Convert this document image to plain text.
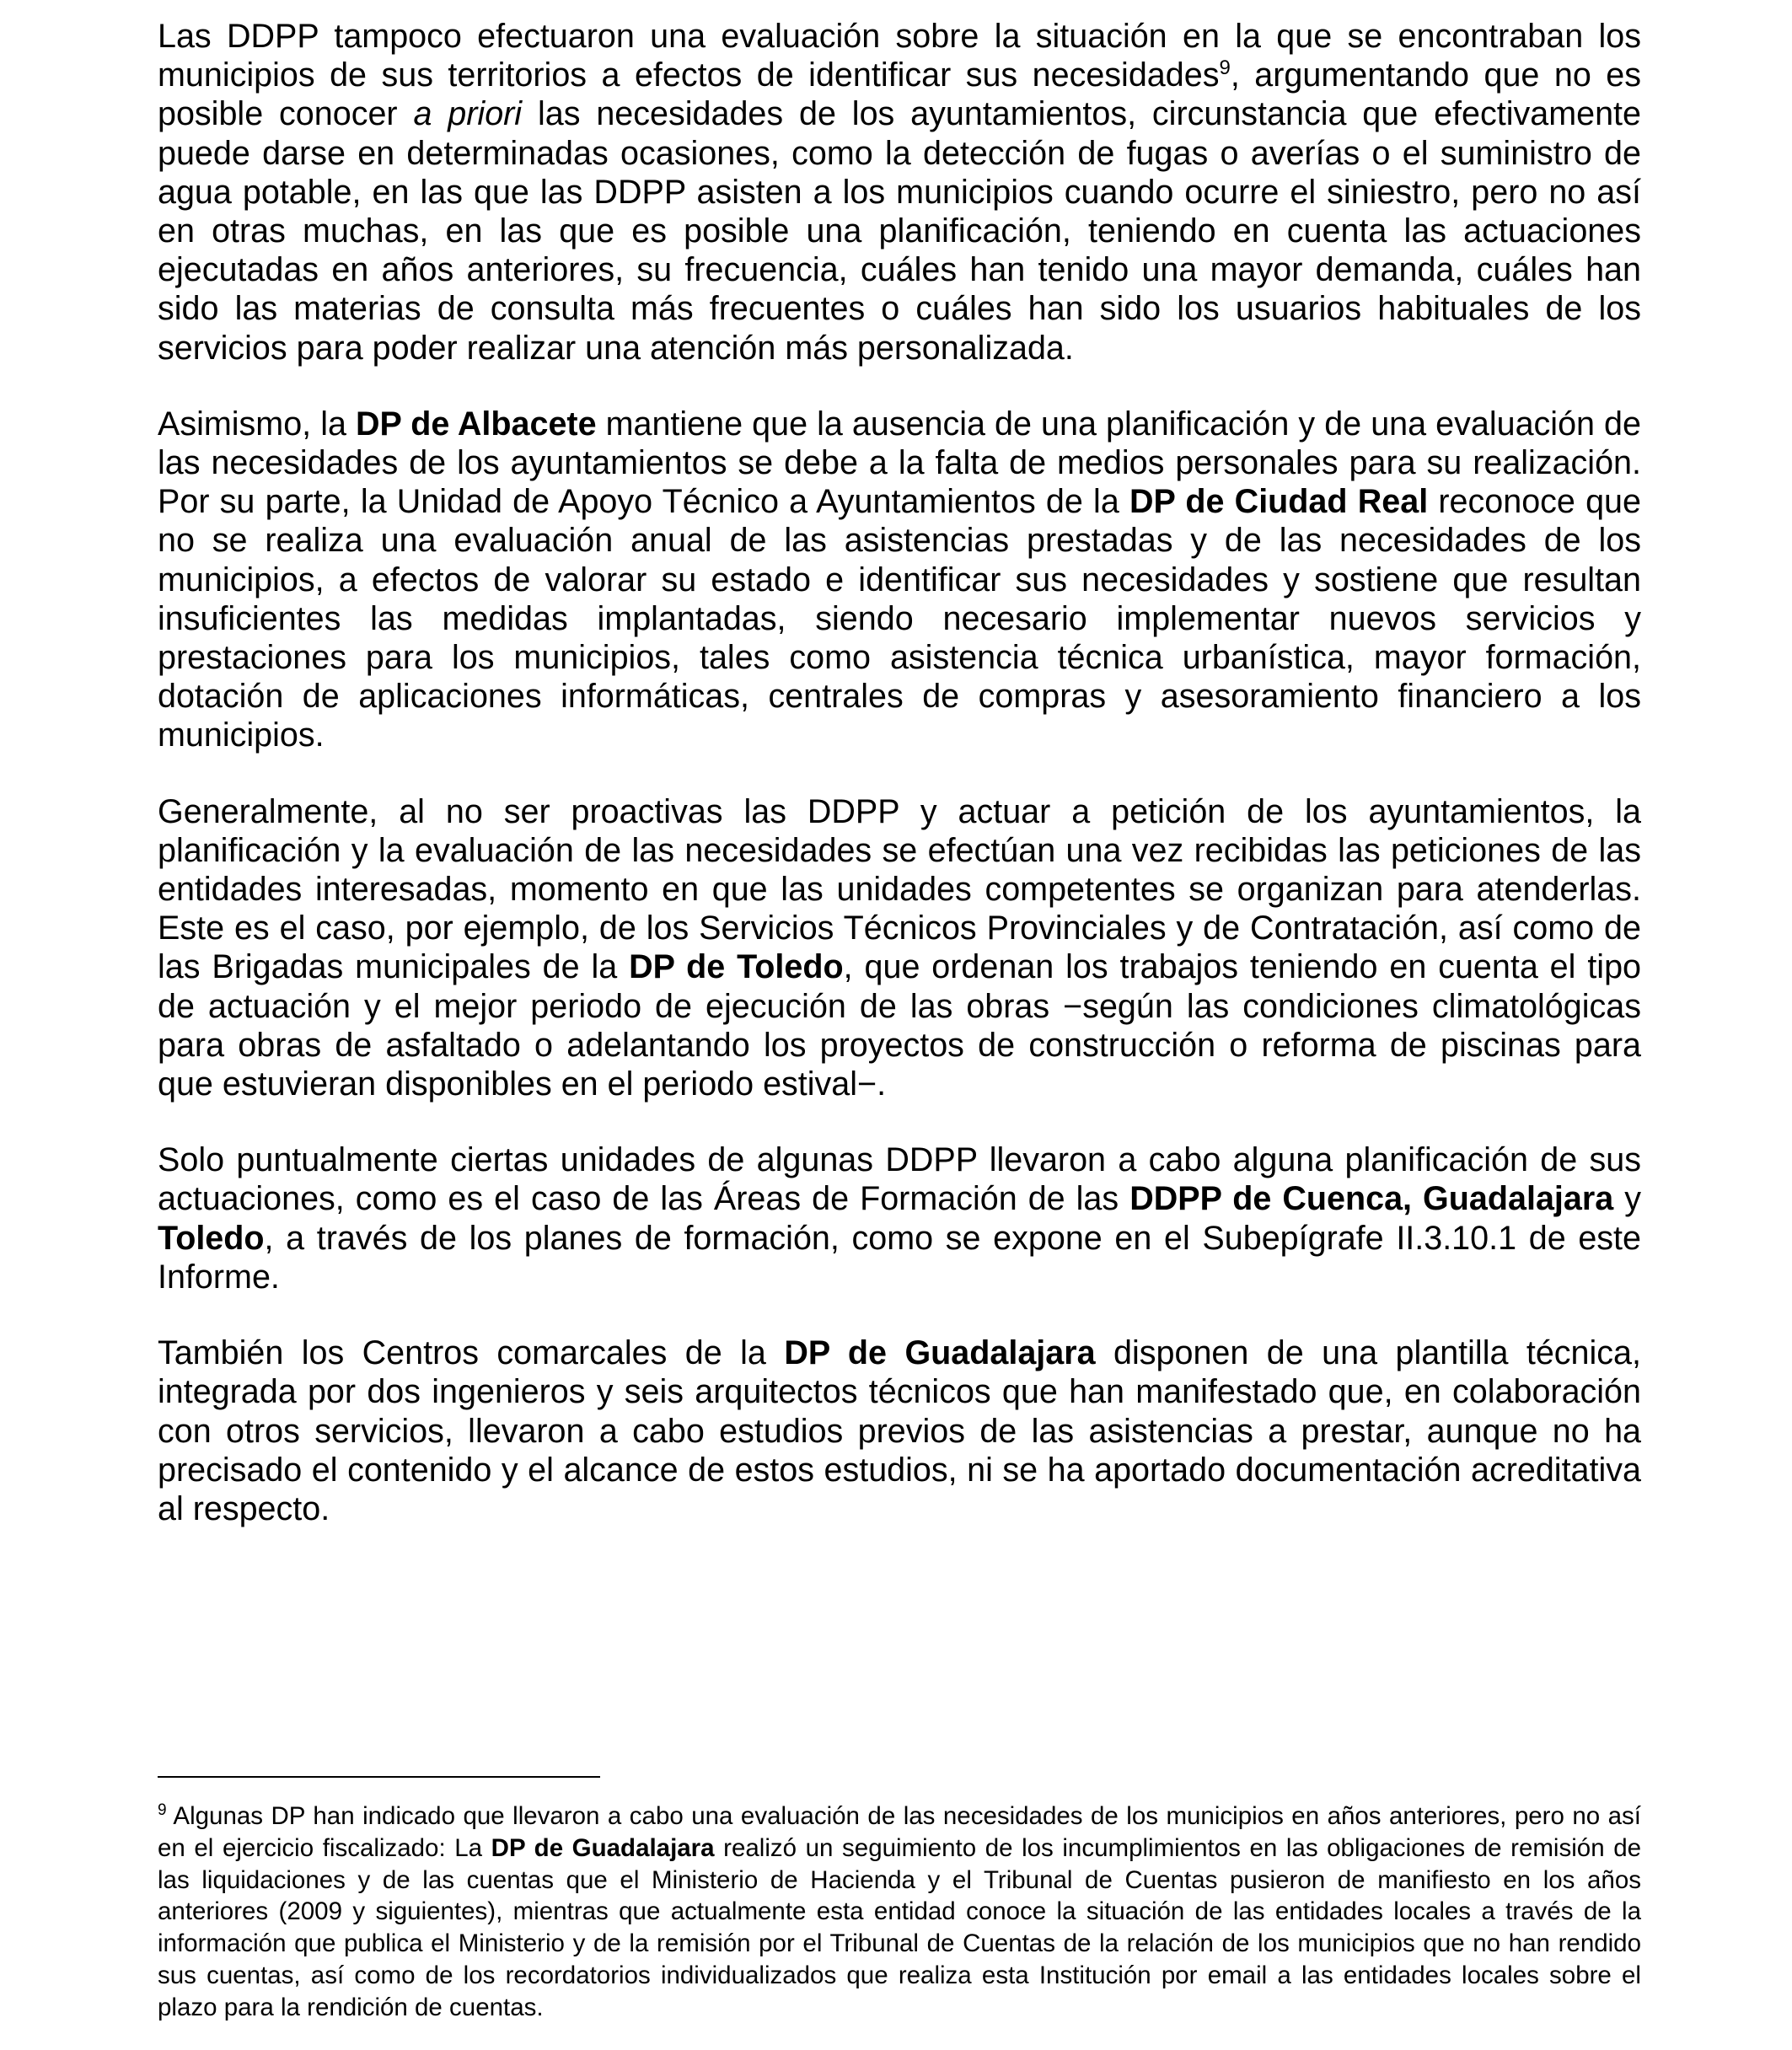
Las DDPP tampoco efectuaron una evaluación sobre la situación en la que se encontraban los municipios de sus territorios a efectos de identificar sus necesidades$^9$, argumentando que no es posible conocer a priori las necesidades de los ayuntamientos, circunstancia que efectivamente puede darse en determinadas ocasiones, como la detección de fugas o averías o el suministro de agua potable, en las que las DDPP asisten a los municipios cuando ocurre el siniestro, pero no así en otras muchas, en las que es posible una planificación, teniendo en cuenta las actuaciones ejecutadas en años anteriores, su frecuencia, cuáles han tenido una mayor demanda, cuáles han sido las materias de consulta más frecuentes o cuáles han sido los usuarios habituales de los servicios para poder realizar una atención más personalizada.

Asimismo, la DP de Albacete mantiene que la ausencia de una planificación y de una evaluación de las necesidades de los ayuntamientos se debe a la falta de medios personales para su realización. Por su parte, la Unidad de Apoyo Técnico a Ayuntamientos de la DP de Ciudad Real reconoce que no se realiza una evaluación anual de las asistencias prestadas y de las necesidades de los municipios, a efectos de valorar su estado e identificar sus necesidades y sostiene que resultan insuficientes las medidas implantadas, siendo necesario implementar nuevos servicios y prestaciones para los municipios, tales como asistencia técnica urbanística, mayor formación, dotación de aplicaciones informáticas, centrales de compras y asesoramiento financiero a los municipios.

Generalmente, al no ser proactivas las DDPP y actuar a petición de los ayuntamientos, la planificación y la evaluación de las necesidades se efectúan una vez recibidas las peticiones de las entidades interesadas, momento en que las unidades competentes se organizan para atenderlas. Este es el caso, por ejemplo, de los Servicios Técnicos Provinciales y de Contratación, así como de las Brigadas municipales de la DP de Toledo, que ordenan los trabajos teniendo en cuenta el tipo de actuación y el mejor periodo de ejecución de las obras −según las condiciones climatológicas para obras de asfaltado o adelantando los proyectos de construcción o reforma de piscinas para que estuvieran disponibles en el periodo estival−.

Solo puntualmente ciertas unidades de algunas DDPP llevaron a cabo alguna planificación de sus actuaciones, como es el caso de las Áreas de Formación de las DDPP de Cuenca, Guadalajara y Toledo, a través de los planes de formación, como se expone en el Subepígrafe II.3.10.1 de este Informe.

También los Centros comarcales de la DP de Guadalajara disponen de una plantilla técnica, integrada por dos ingenieros y seis arquitectos técnicos que han manifestado que, en colaboración con otros servicios, llevaron a cabo estudios previos de las asistencias a prestar, aunque no ha precisado el contenido y el alcance de estos estudios, ni se ha aportado documentación acreditativa al respecto.

$^9$ Algunas DP han indicado que llevaron a cabo una evaluación de las necesidades de los municipios en años anteriores, pero no así en el ejercicio fiscalizado: La DP de Guadalajara realizó un seguimiento de los incumplimientos en las obligaciones de remisión de las liquidaciones y de las cuentas que el Ministerio de Hacienda y el Tribunal de Cuentas pusieron de manifiesto en los años anteriores (2009 y siguientes), mientras que actualmente esta entidad conoce la situación de las entidades locales a través de la información que publica el Ministerio y de la remisión por el Tribunal de Cuentas de la relación de los municipios que no han rendido sus cuentas, así como de los recordatorios individualizados que realiza esta Institución por email a las entidades locales sobre el plazo para la rendición de cuentas.
